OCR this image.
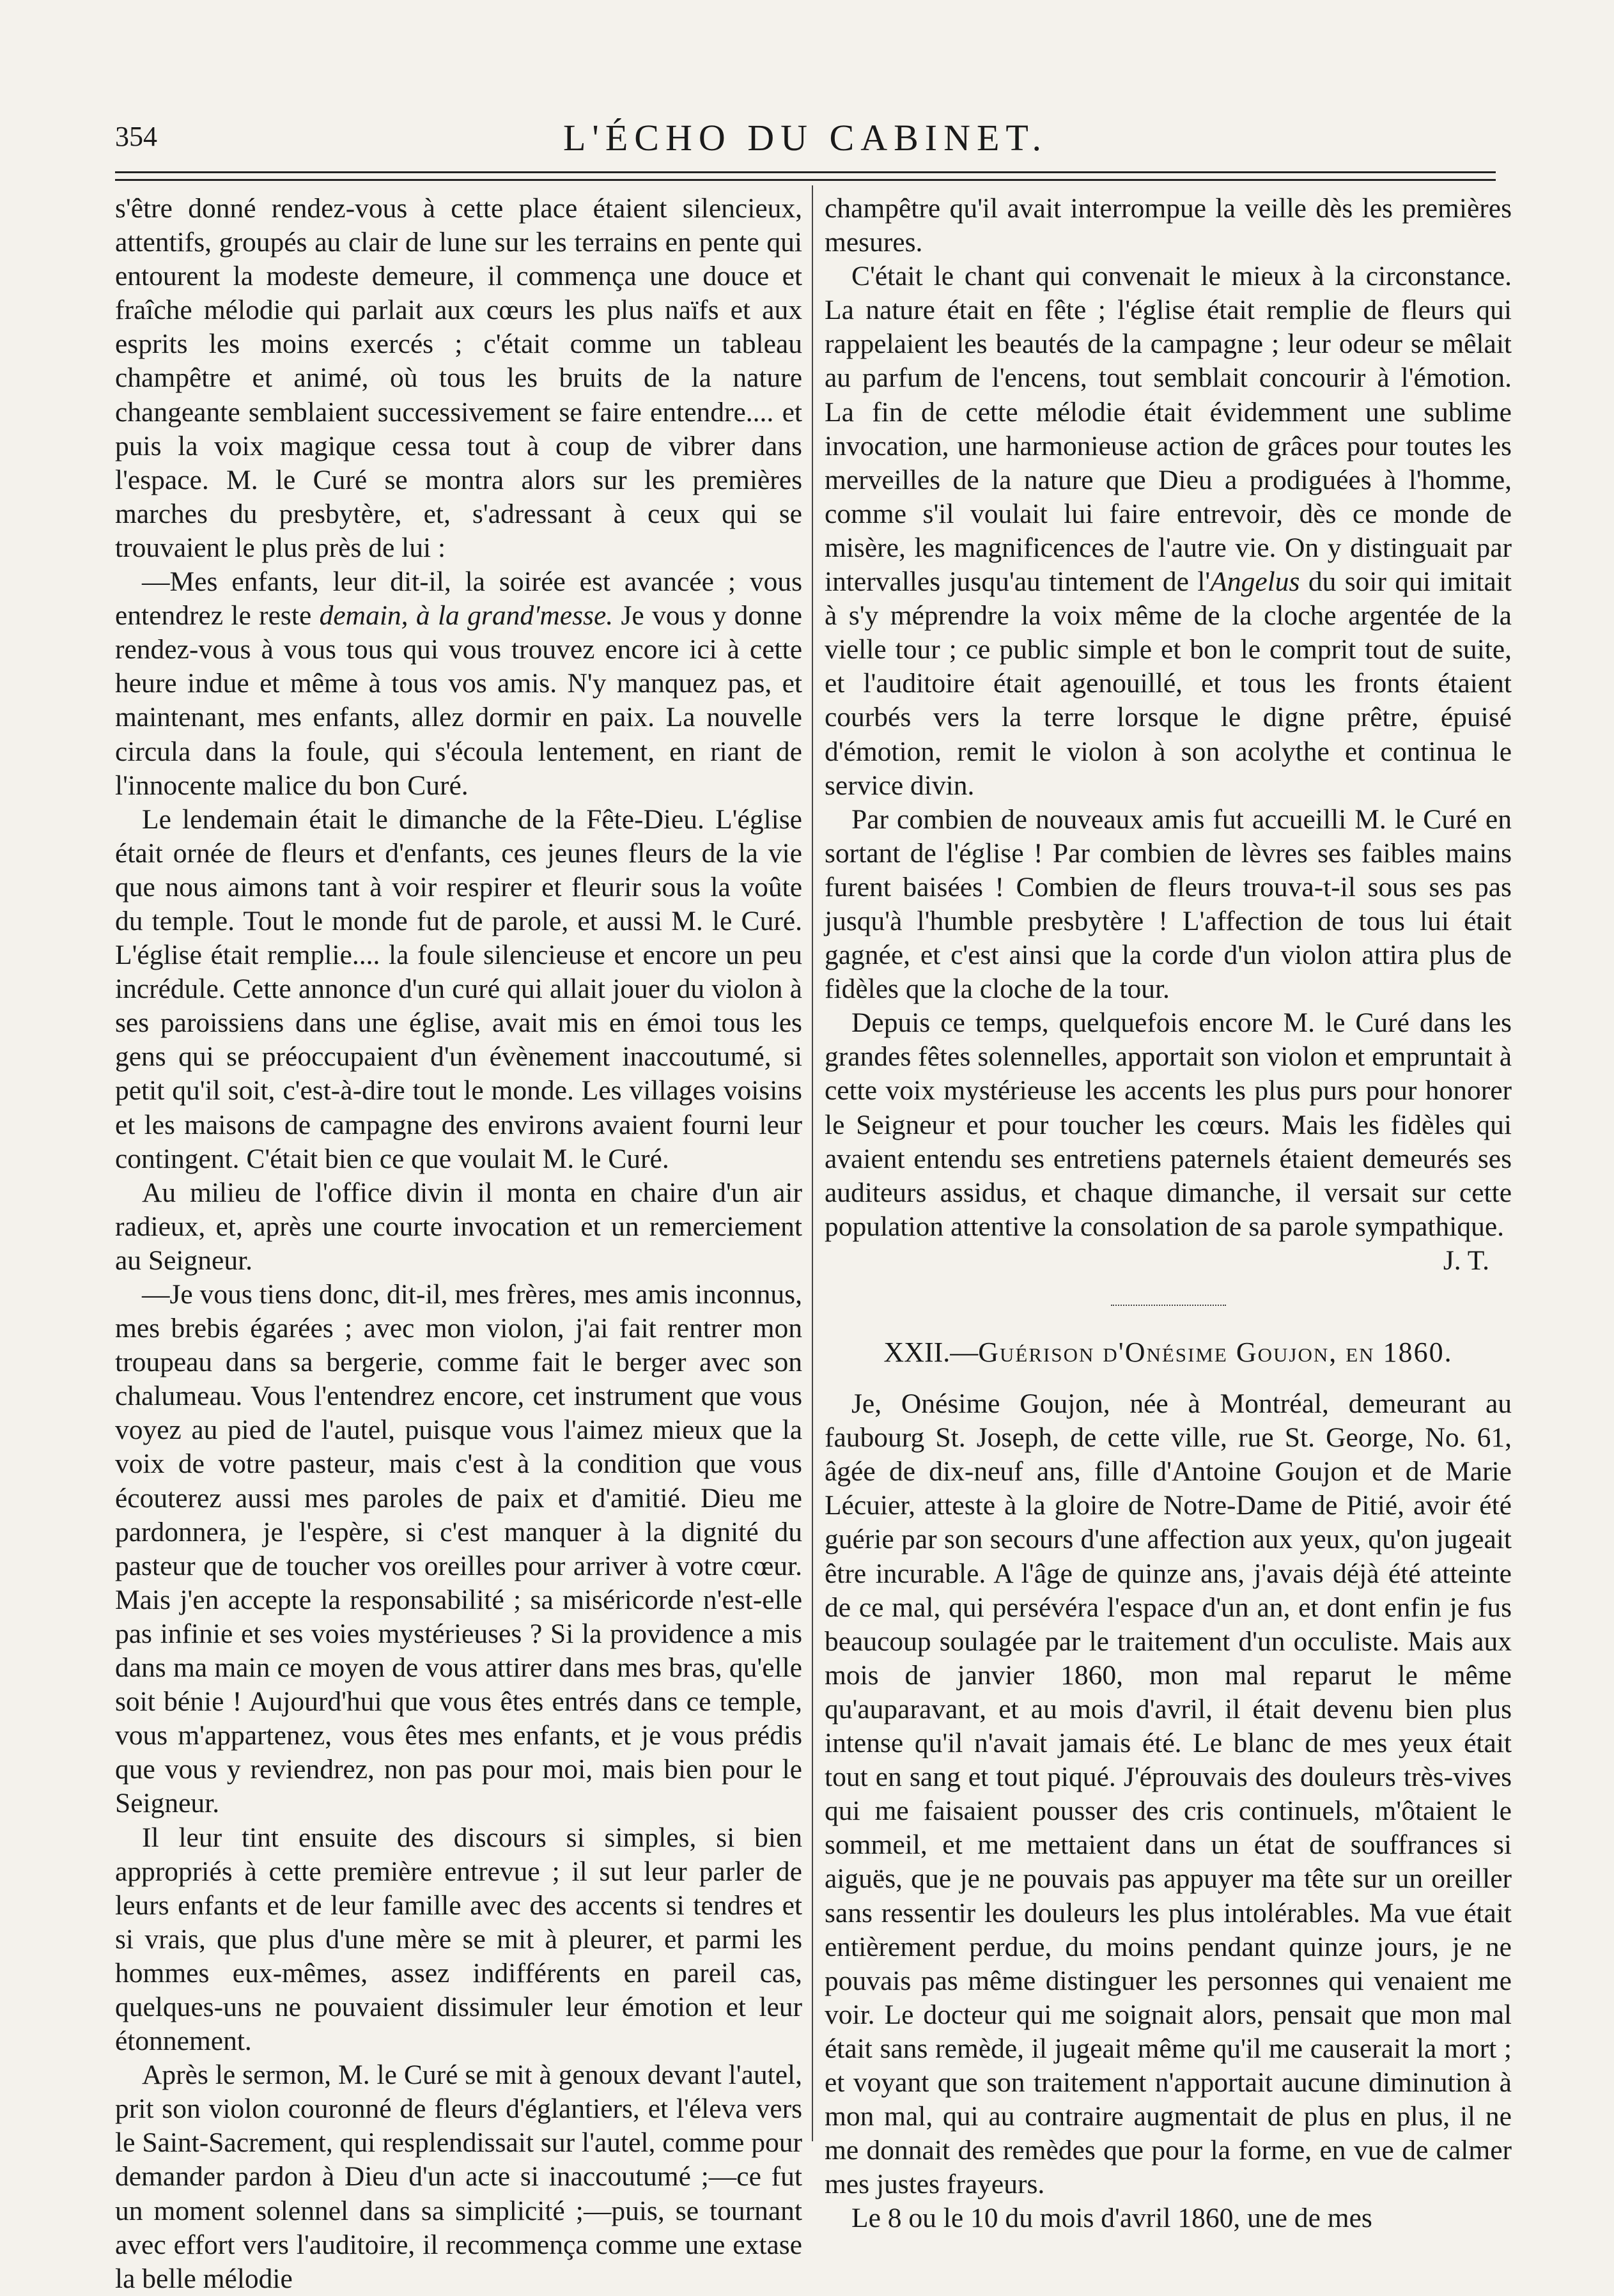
354	L'ÉCHO DU CABINET.

s'être donné rendez-vous à cette place étaient silencieux, attentifs, groupés au clair de lune sur les terrains en pente qui entourent la modeste demeure, il commença une douce et fraîche mélodie qui parlait aux cœurs les plus naïfs et aux esprits les moins exercés ; c'était comme un tableau champêtre et animé, où tous les bruits de la nature changeante semblaient successivement se faire entendre.... et puis la voix magique cessa tout à coup de vibrer dans l'espace. M. le Curé se montra alors sur les premières marches du presbytère, et, s'adressant à ceux qui se trouvaient le plus près de lui :

—Mes enfants, leur dit-il, la soirée est avancée ; vous entendrez le reste demain, à la grand'messe. Je vous y donne rendez-vous à vous tous qui vous trouvez encore ici à cette heure indue et même à tous vos amis. N'y manquez pas, et maintenant, mes enfants, allez dormir en paix. La nouvelle circula dans la foule, qui s'écoula lentement, en riant de l'innocente malice du bon Curé.

Le lendemain était le dimanche de la Fête-Dieu. L'église était ornée de fleurs et d'enfants, ces jeunes fleurs de la vie que nous aimons tant à voir respirer et fleurir sous la voûte du temple. Tout le monde fut de parole, et aussi M. le Curé. L'église était remplie.... la foule silencieuse et encore un peu incrédule. Cette annonce d'un curé qui allait jouer du violon à ses paroissiens dans une église, avait mis en émoi tous les gens qui se préoccupaient d'un évènement inaccoutumé, si petit qu'il soit, c'est-à-dire tout le monde. Les villages voisins et les maisons de campagne des environs avaient fourni leur contingent. C'était bien ce que voulait M. le Curé.

Au milieu de l'office divin il monta en chaire d'un air radieux, et, après une courte invocation et un remerciement au Seigneur.

—Je vous tiens donc, dit-il, mes frères, mes amis inconnus, mes brebis égarées ; avec mon violon, j'ai fait rentrer mon troupeau dans sa bergerie, comme fait le berger avec son chalumeau. Vous l'entendrez encore, cet instrument que vous voyez au pied de l'autel, puisque vous l'aimez mieux que la voix de votre pasteur, mais c'est à la condition que vous écouterez aussi mes paroles de paix et d'amitié. Dieu me pardonnera, je l'espère, si c'est manquer à la dignité du pasteur que de toucher vos oreilles pour arriver à votre cœur. Mais j'en accepte la responsabilité ; sa miséricorde n'est-elle pas infinie et ses voies mystérieuses ? Si la providence a mis dans ma main ce moyen de vous attirer dans mes bras, qu'elle soit bénie ! Aujourd'hui que vous êtes entrés dans ce temple, vous m'appartenez, vous êtes mes enfants, et je vous prédis que vous y reviendrez, non pas pour moi, mais bien pour le Seigneur.

Il leur tint ensuite des discours si simples, si bien appropriés à cette première entrevue ; il sut leur parler de leurs enfants et de leur famille avec des accents si tendres et si vrais, que plus d'une mère se mit à pleurer, et parmi les hommes eux-mêmes, assez indifférents en pareil cas, quelques-uns ne pouvaient dissimuler leur émotion et leur étonnement.

Après le sermon, M. le Curé se mit à genoux devant l'autel, prit son violon couronné de fleurs d'églantiers, et l'éleva vers le Saint-Sacrement, qui resplendissait sur l'autel, comme pour demander pardon à Dieu d'un acte si inaccoutumé ;—ce fut un moment solennel dans sa simplicité ;—puis, se tournant avec effort vers l'auditoire, il recommença comme une extase la belle mélodie

champêtre qu'il avait interrompue la veille dès les premières mesures.

C'était le chant qui convenait le mieux à la circonstance. La nature était en fête ; l'église était remplie de fleurs qui rappelaient les beautés de la campagne ; leur odeur se mêlait au parfum de l'encens, tout semblait concourir à l'émotion. La fin de cette mélodie était évidemment une sublime invocation, une harmonieuse action de grâces pour toutes les merveilles de la nature que Dieu a prodiguées à l'homme, comme s'il voulait lui faire entrevoir, dès ce monde de misère, les magnificences de l'autre vie. On y distinguait par intervalles jusqu'au tintement de l'Angelus du soir qui imitait à s'y méprendre la voix même de la cloche argentée de la vielle tour ; ce public simple et bon le comprit tout de suite, et l'auditoire était agenouillé, et tous les fronts étaient courbés vers la terre lorsque le digne prêtre, épuisé d'émotion, remit le violon à son acolythe et continua le service divin.

Par combien de nouveaux amis fut accueilli M. le Curé en sortant de l'église ! Par combien de lèvres ses faibles mains furent baisées ! Combien de fleurs trouva-t-il sous ses pas jusqu'à l'humble presbytère ! L'affection de tous lui était gagnée, et c'est ainsi que la corde d'un violon attira plus de fidèles que la cloche de la tour.

Depuis ce temps, quelquefois encore M. le Curé dans les grandes fêtes solennelles, apportait son violon et empruntait à cette voix mystérieuse les accents les plus purs pour honorer le Seigneur et pour toucher les cœurs. Mais les fidèles qui avaient entendu ses entretiens paternels étaient demeurés ses auditeurs assidus, et chaque dimanche, il versait sur cette population attentive la consolation de sa parole sympathique.

J. T.

XXII.—Guérison d'Onésime Goujon, en 1860.

Je, Onésime Goujon, née à Montréal, demeurant au faubourg St. Joseph, de cette ville, rue St. George, No. 61, âgée de dix-neuf ans, fille d'Antoine Goujon et de Marie Lécuier, atteste à la gloire de Notre-Dame de Pitié, avoir été guérie par son secours d'une affection aux yeux, qu'on jugeait être incurable. A l'âge de quinze ans, j'avais déjà été atteinte de ce mal, qui persévéra l'espace d'un an, et dont enfin je fus beaucoup soulagée par le traitement d'un occuliste. Mais aux mois de janvier 1860, mon mal reparut le même qu'auparavant, et au mois d'avril, il était devenu bien plus intense qu'il n'avait jamais été. Le blanc de mes yeux était tout en sang et tout piqué. J'éprouvais des douleurs très-vives qui me faisaient pousser des cris continuels, m'ôtaient le sommeil, et me mettaient dans un état de souffrances si aiguës, que je ne pouvais pas appuyer ma tête sur un oreiller sans ressentir les douleurs les plus intolérables. Ma vue était entièrement perdue, du moins pendant quinze jours, je ne pouvais pas même distinguer les personnes qui venaient me voir. Le docteur qui me soignait alors, pensait que mon mal était sans remède, il jugeait même qu'il me causerait la mort ; et voyant que son traitement n'apportait aucune diminution à mon mal, qui au contraire augmentait de plus en plus, il ne me donnait des remèdes que pour la forme, en vue de calmer mes justes frayeurs.

Le 8 ou le 10 du mois d'avril 1860, une de mes
